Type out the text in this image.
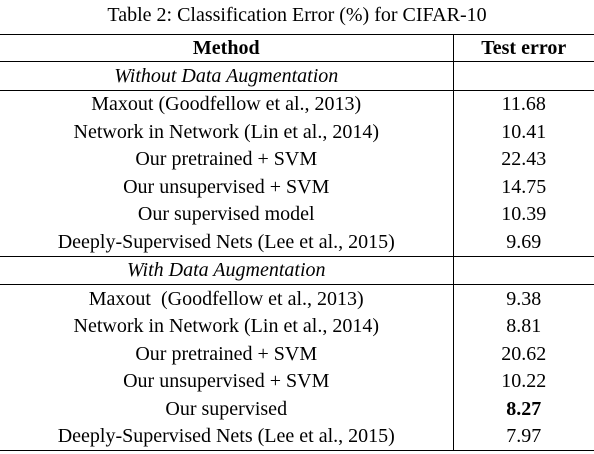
Table 2: Classification Error (%) for CIFAR-10
Method	Test error
Without Data Augmentation	
Maxout (Goodfellow et al., 2013)	11.68
Network in Network (Lin et al., 2014)	10.41
Our pretrained + SVM	22.43
Our unsupervised + SVM	14.75
Our supervised model	10.39
Deeply-Supervised Nets (Lee et al., 2015)	9.69
With Data Augmentation	
Maxout  (Goodfellow et al., 2013)	9.38
Network in Network (Lin et al., 2014)	8.81
Our pretrained + SVM	20.62
Our unsupervised + SVM	10.22
Our supervised	8.27
Deeply-Supervised Nets (Lee et al., 2015)	7.97
